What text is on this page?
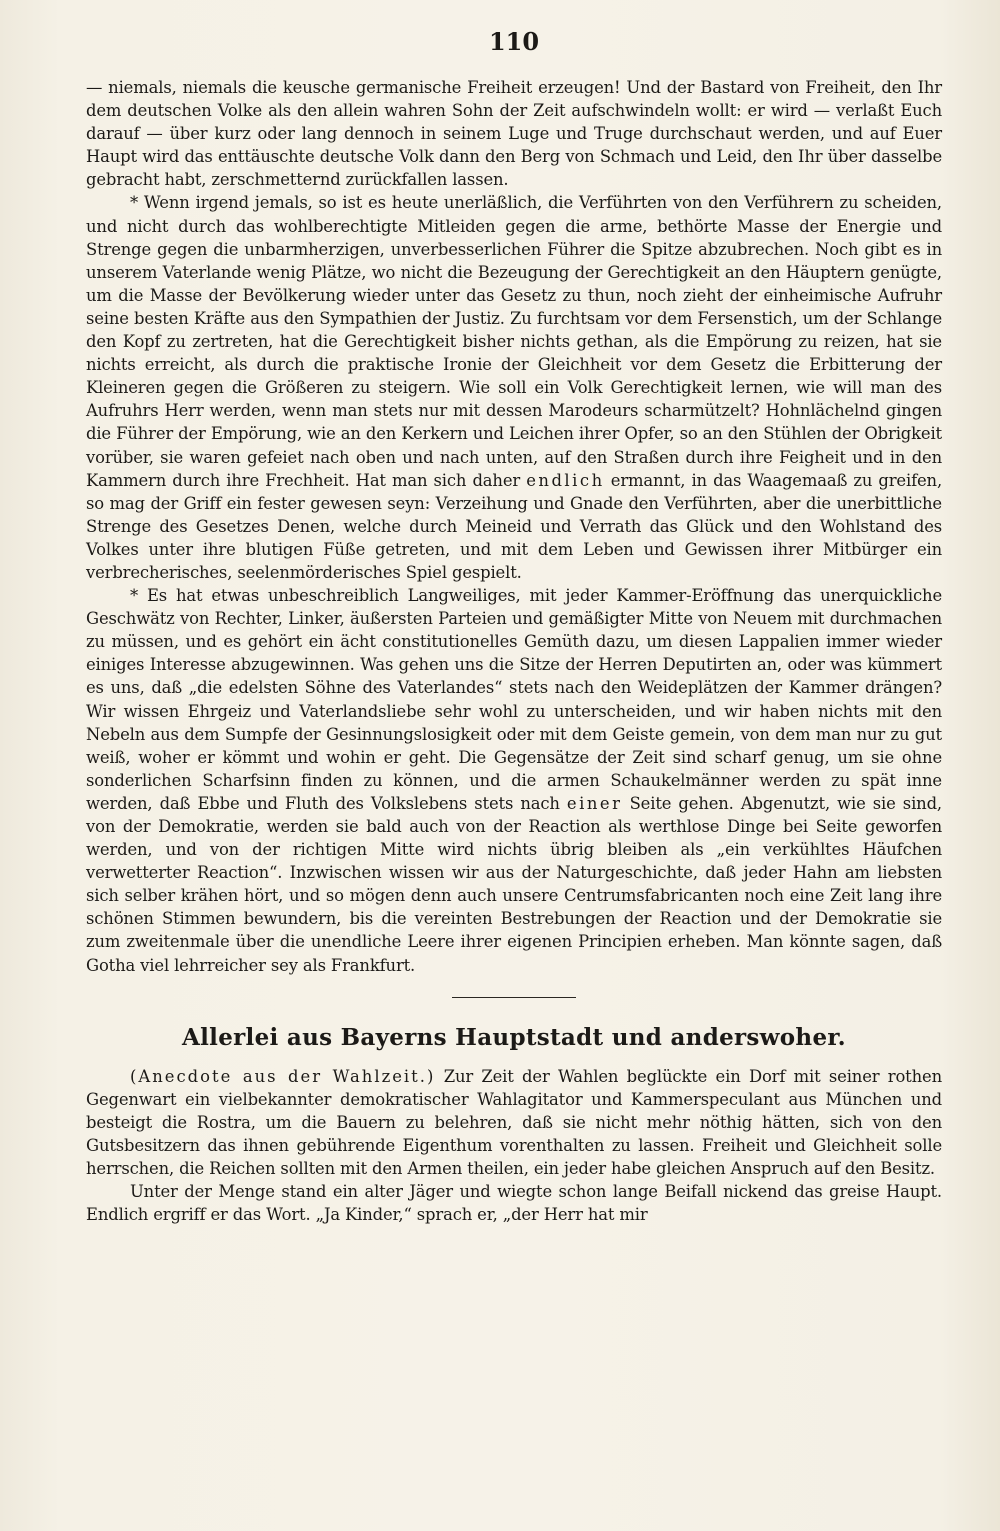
110

— niemals, niemals die keusche germanische Freiheit erzeugen! Und der Bastard von Freiheit, den Ihr dem deutschen Volke als den allein wahren Sohn der Zeit aufschwindeln wollt: er wird — verlaßt Euch darauf — über kurz oder lang dennoch in seinem Luge und Truge durchschaut werden, und auf Euer Haupt wird das enttäuschte deutsche Volk dann den Berg von Schmach und Leid, den Ihr über dasselbe gebracht habt, zerschmetternd zurückfallen lassen.

* Wenn irgend jemals, so ist es heute unerläßlich, die Verführten von den Verführern zu scheiden, und nicht durch das wohlberechtigte Mitleiden gegen die arme, bethörte Masse der Energie und Strenge gegen die unbarmherzigen, unverbesserlichen Führer die Spitze abzubrechen. Noch gibt es in unserem Vaterlande wenig Plätze, wo nicht die Bezeugung der Gerechtigkeit an den Häuptern genügte, um die Masse der Bevölkerung wieder unter das Gesetz zu thun, noch zieht der einheimische Aufruhr seine besten Kräfte aus den Sympathien der Justiz. Zu furchtsam vor dem Fersenstich, um der Schlange den Kopf zu zertreten, hat die Gerechtigkeit bisher nichts gethan, als die Empörung zu reizen, hat sie nichts erreicht, als durch die praktische Ironie der Gleichheit vor dem Gesetz die Erbitterung der Kleineren gegen die Größeren zu steigern. Wie soll ein Volk Gerechtigkeit lernen, wie will man des Aufruhrs Herr werden, wenn man stets nur mit dessen Marodeurs scharmützelt? Hohnlächelnd gingen die Führer der Empörung, wie an den Kerkern und Leichen ihrer Opfer, so an den Stühlen der Obrigkeit vorüber, sie waren gefeiet nach oben und nach unten, auf den Straßen durch ihre Feigheit und in den Kammern durch ihre Frechheit. Hat man sich daher endlich ermannt, in das Waagemaaß zu greifen, so mag der Griff ein fester gewesen seyn: Verzeihung und Gnade den Verführten, aber die unerbittliche Strenge des Gesetzes Denen, welche durch Meineid und Verrath das Glück und den Wohlstand des Volkes unter ihre blutigen Füße getreten, und mit dem Leben und Gewissen ihrer Mitbürger ein verbrecherisches, seelenmörderisches Spiel gespielt.

* Es hat etwas unbeschreiblich Langweiliges, mit jeder Kammer-Eröffnung das unerquickliche Geschwätz von Rechter, Linker, äußersten Parteien und gemäßigter Mitte von Neuem mit durchmachen zu müssen, und es gehört ein ächt constitutionelles Gemüth dazu, um diesen Lappalien immer wieder einiges Interesse abzugewinnen. Was gehen uns die Sitze der Herren Deputirten an, oder was kümmert es uns, daß „die edelsten Söhne des Vaterlandes“ stets nach den Weideplätzen der Kammer drängen? Wir wissen Ehrgeiz und Vaterlandsliebe sehr wohl zu unterscheiden, und wir haben nichts mit den Nebeln aus dem Sumpfe der Gesinnungslosigkeit oder mit dem Geiste gemein, von dem man nur zu gut weiß, woher er kömmt und wohin er geht. Die Gegensätze der Zeit sind scharf genug, um sie ohne sonderlichen Scharfsinn finden zu können, und die armen Schaukelmänner werden zu spät inne werden, daß Ebbe und Fluth des Volkslebens stets nach einer Seite gehen. Abgenutzt, wie sie sind, von der Demokratie, werden sie bald auch von der Reaction als werthlose Dinge bei Seite geworfen werden, und von der richtigen Mitte wird nichts übrig bleiben als „ein verkühltes Häufchen verwetterter Reaction“. Inzwischen wissen wir aus der Naturgeschichte, daß jeder Hahn am liebsten sich selber krähen hört, und so mögen denn auch unsere Centrumsfabricanten noch eine Zeit lang ihre schönen Stimmen bewundern, bis die vereinten Bestrebungen der Reaction und der Demokratie sie zum zweitenmale über die unendliche Leere ihrer eigenen Principien erheben. Man könnte sagen, daß Gotha viel lehrreicher sey als Frankfurt.

Allerlei aus Bayerns Hauptstadt und anderswoher.

(Anecdote aus der Wahlzeit.) Zur Zeit der Wahlen beglückte ein Dorf mit seiner rothen Gegenwart ein vielbekannter demokratischer Wahlagitator und Kammerspeculant aus München und besteigt die Rostra, um die Bauern zu belehren, daß sie nicht mehr nöthig hätten, sich von den Gutsbesitzern das ihnen gebührende Eigenthum vorenthalten zu lassen. Freiheit und Gleichheit solle herrschen, die Reichen sollten mit den Armen theilen, ein jeder habe gleichen Anspruch auf den Besitz.

Unter der Menge stand ein alter Jäger und wiegte schon lange Beifall nickend das greise Haupt. Endlich ergriff er das Wort. „Ja Kinder,“ sprach er, „der Herr hat mir
